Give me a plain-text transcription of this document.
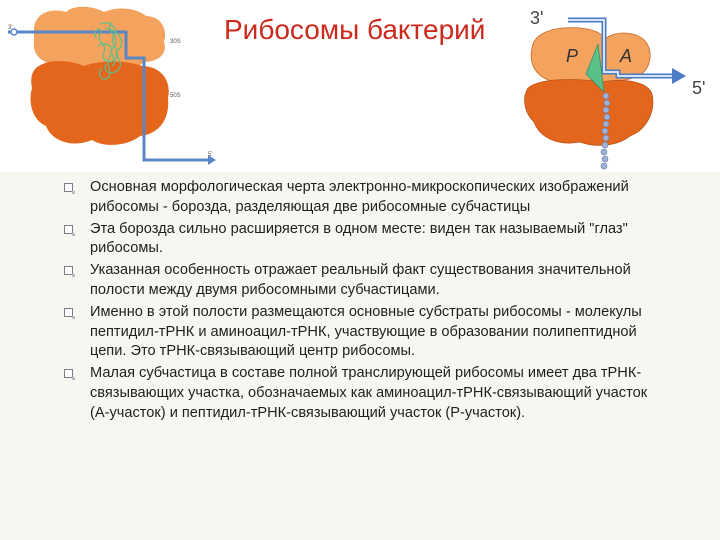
30S
50S
3'
5'
Рибосомы бактерий 3'
5'
P A
Основная морфологическая черта электронно-микроскопических изображений рибосомы - борозда, разделяющая две рибосомные субчастицы
Эта борозда сильно расширяется в одном месте: виден так называемый "глаз" рибосомы.
Указанная особенность отражает реальный факт существования значительной полости между двумя рибосомными субчастицами.
Именно в этой полости размещаются основные субстраты рибосомы - молекулы пептидил-тРНК и аминоацил-тРНК, участвующие в образовании полипептидной цепи. Это тРНК-связывающий центр рибосомы.
Малая субчастица в составе полной транслирующей рибосомы имеет два тРНК-связывающих участка, обозначаемых как аминоацил-тРНК-связывающий участок (А-участок) и пептидил-тРНК-связывающий участок (Р-участок).
